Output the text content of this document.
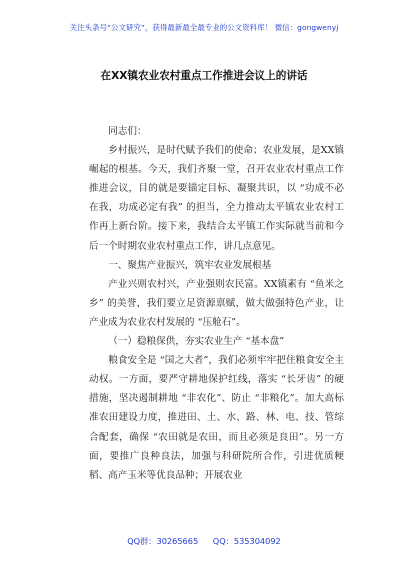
关注头条号“公文研究”，获得最新最全最专业的公文资料库！ 微信：gongwenyj
在XX镇农业农村重点工作推进会议上的讲话

同志们：

乡村振兴，是时代赋予我们的使命；农业发展，是XX镇崛起的根基。今天，我们齐聚一堂，召开农业农村重点工作推进会议，目的就是要锚定目标、凝聚共识，以 “功成不必在我，功成必定有我” 的担当，全力推动太平镇农业农村工作再上新台阶。接下来，我结合太平镇工作实际就当前和今后一个时期农业农村重点工作，讲几点意见。

一、聚焦产业振兴，筑牢农业发展根基

产业兴则农村兴，产业强则农民富。XX镇素有 “鱼米之乡” 的美誉，我们要立足资源禀赋，做大做强特色产业，让产业成为农业农村发展的 “压舱石”。

（一）稳粮保供，夯实农业生产 “基本盘”

粮食安全是 “国之大者”，我们必须牢牢把住粮食安全主动权。一方面，要严守耕地保护红线，落实 “长牙齿” 的硬措施，坚决遏制耕地 “非农化”、防止 “非粮化”。加大高标准农田建设力度，推进田、土、水、路、林、电、技、管综合配套，确保 “农田就是农田，而且必须是良田”。另一方面，要推广良种良法，加强与科研院所合作，引进优质粳稻、高产玉米等优良品种；开展农业

QQ群：30265665 QQ：535304092
